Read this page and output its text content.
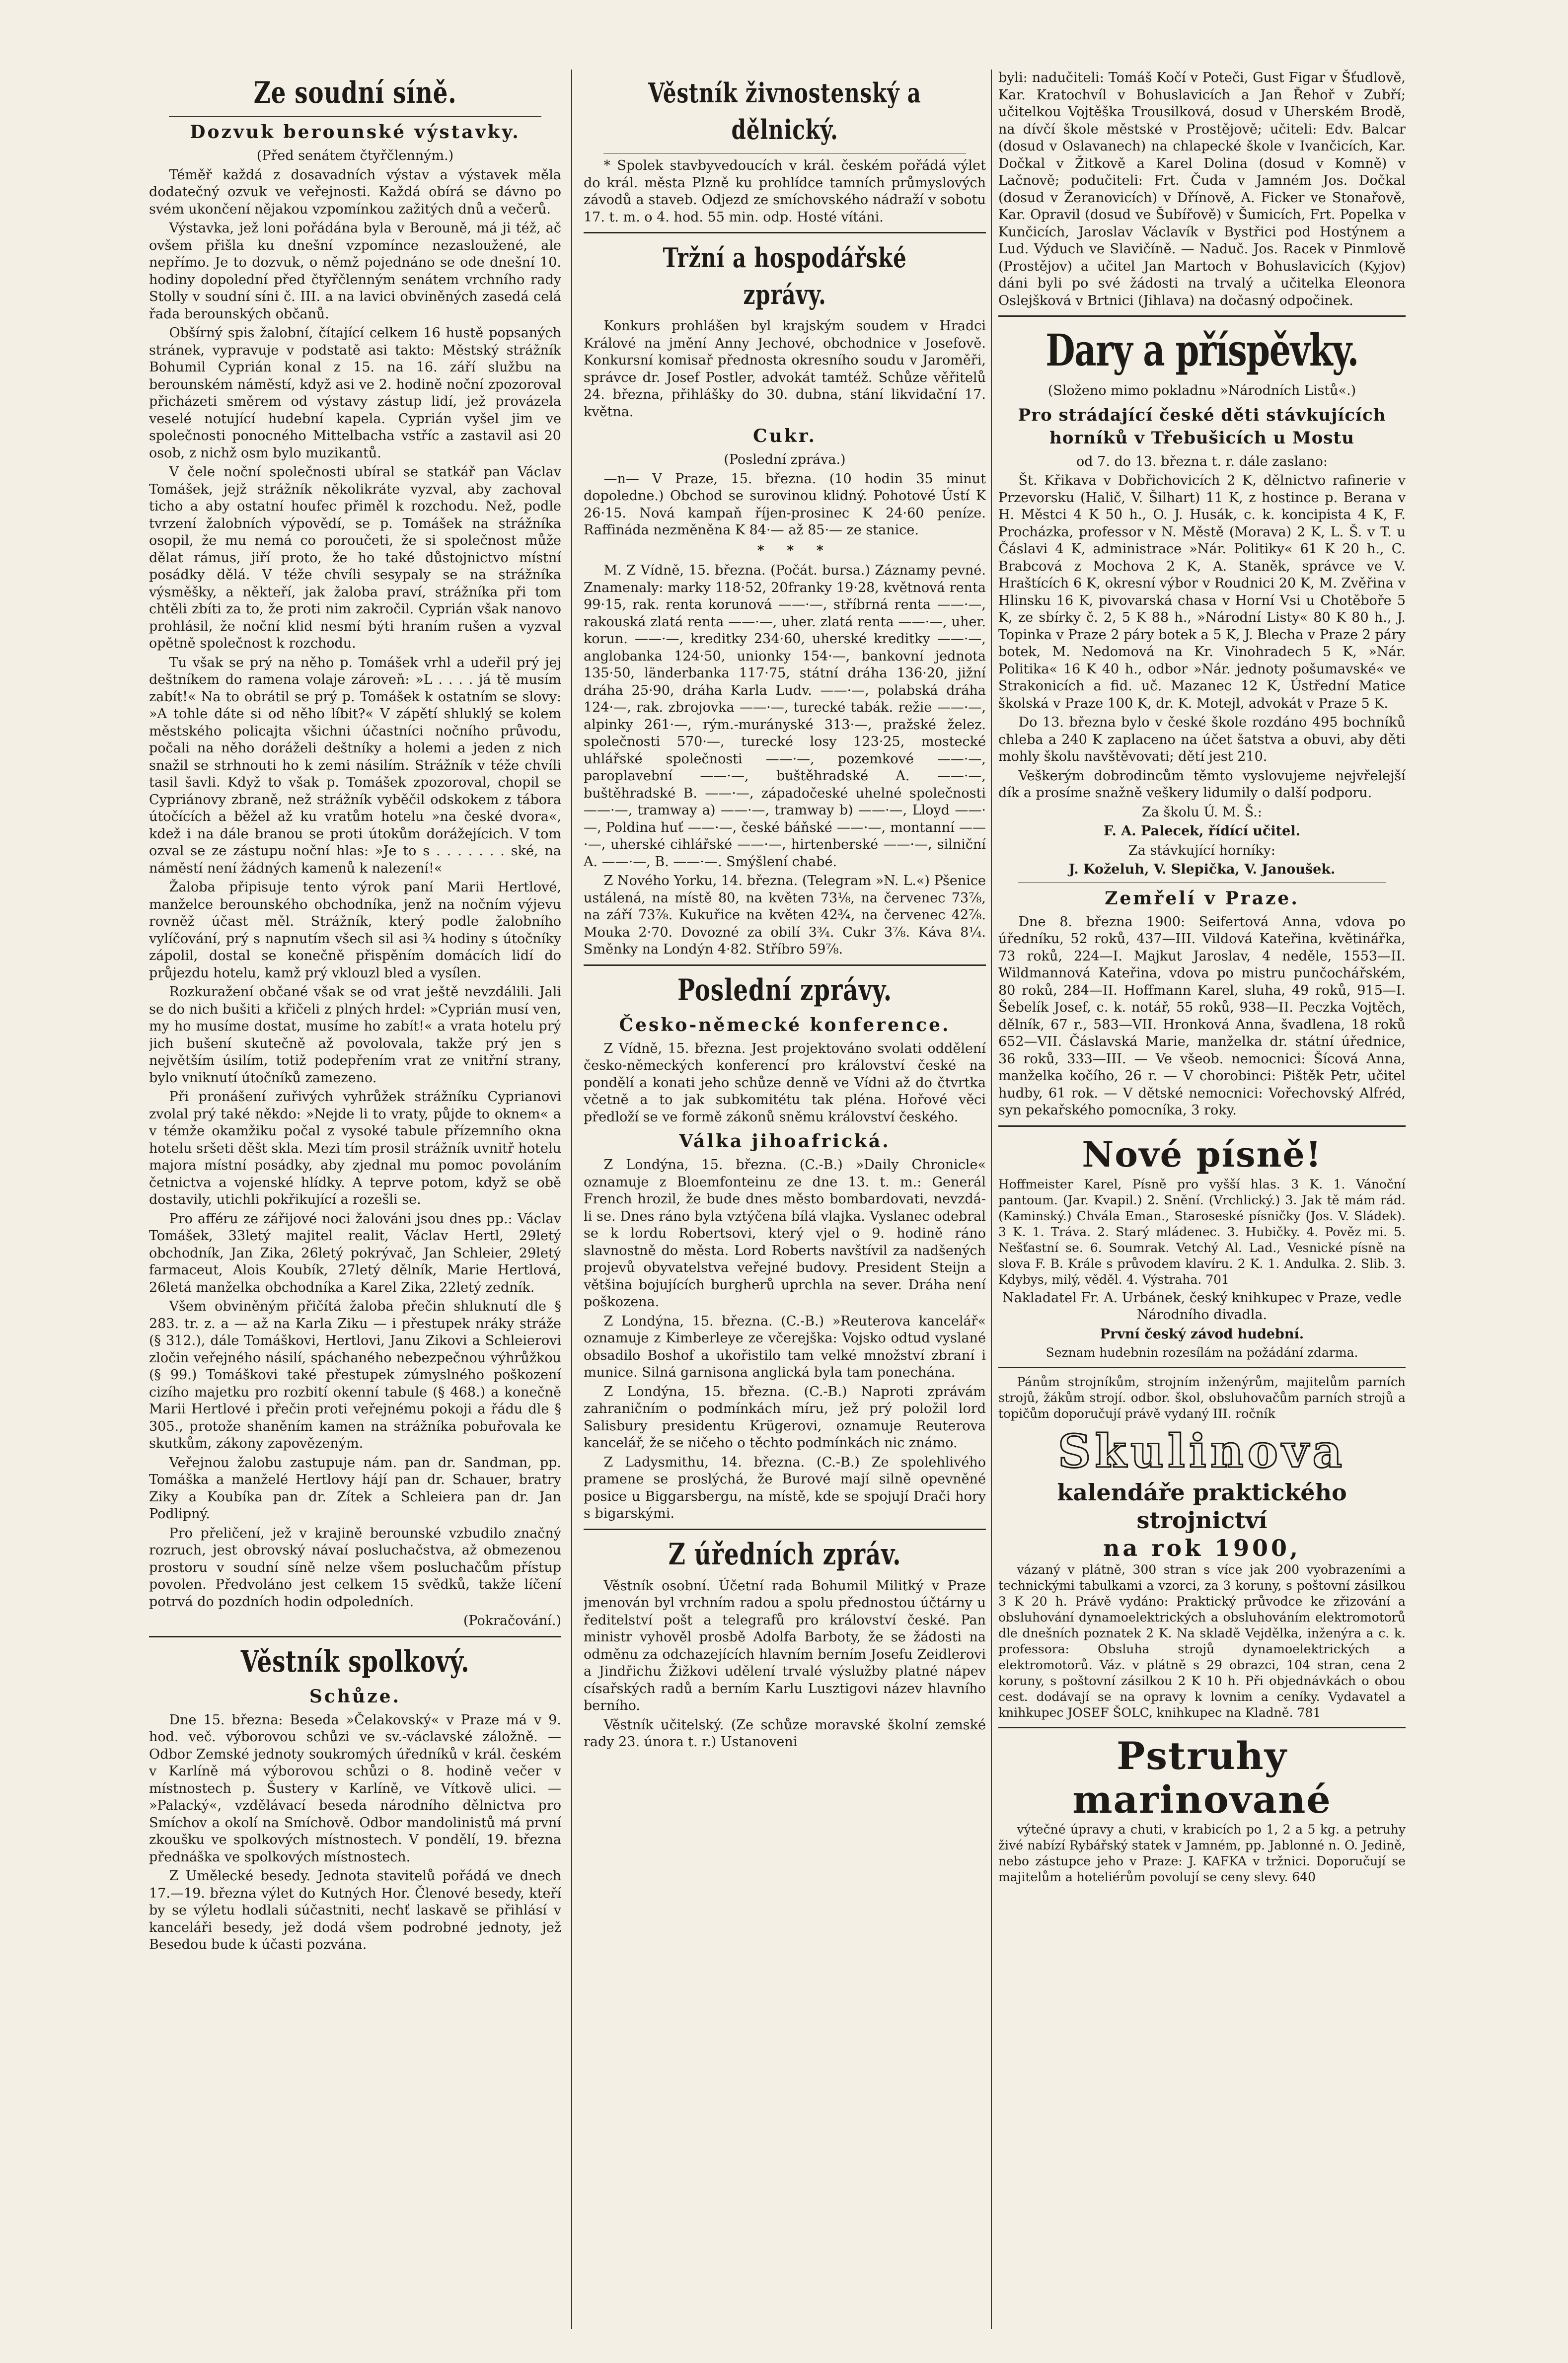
Ze soudní síně.
Dozvuk berounské výstavky.

(Před senátem čtyřčlenným.)

Téměř každá z dosavadních výstav a výstavek měla dodatečný ozvuk ve veřejnosti. Každá obírá se dávno po svém ukončení nějakou vzpomínkou zažitých dnů a večerů.

Výstavka, jež loni pořádána byla v Berouně, má ji též, ač ovšem přišla ku dnešní vzpomínce nezasloužené, ale nepřímo. Je to dozvuk, o němž pojednáno se ode dnešní 10. hodiny dopolední před čtyřčlenným senátem vrchního rady Stolly v soudní síni č. III. a na lavici obviněných zasedá celá řada berounských občanů.

Obšírný spis žalobní, čítající celkem 16 hustě popsaných stránek, vypravuje v podstatě asi takto: Městský strážník Bohumil Cyprián konal z 15. na 16. září službu na berounském náměstí, když asi ve 2. hodině noční zpozoroval přicházeti směrem od výstavy zástup lidí, jež provázela veselé notující hudební kapela. Cyprián vyšel jim ve společnosti ponocného Mittelbacha vstříc a zastavil asi 20 osob, z nichž osm bylo muzikantů.

V čele noční společnosti ubíral se statkář pan Václav Tomášek, jejž strážník několikráte vyzval, aby zachoval ticho a aby ostatní houfec přiměl k rozchodu. Než, podle tvrzení žalobních výpovědí, se p. Tomášek na strážníka osopil, že mu nemá co poroučeti, že si společnost může dělat rámus, jiří proto, že ho také důstojnictvo místní posádky dělá. V téže chvíli sesypaly se na strážníka výsměšky, a někteří, jak žaloba praví, strážníka při tom chtěli zbíti za to, že proti nim zakročil. Cyprián však nanovo prohlásil, že noční klid nesmí býti hraním rušen a vyzval opětně společnost k rozchodu.

Tu však se prý na něho p. Tomášek vrhl a udeřil prý jej deštníkem do ramena volaje zároveň: »L . . . . já tě musím zabít!« Na to obrátil se prý p. Tomášek k ostatním se slovy: »A tohle dáte si od něho líbit?« V zápětí shluklý se kolem městského policajta všichni účastníci nočního průvodu, počali na něho doráželi deštníky a holemi a jeden z nich snažil se strhnouti ho k zemi násilím. Strážník v téže chvíli tasil šavli. Když to však p. Tomášek zpozoroval, chopil se Cypriánovy zbraně, než strážník vyběčil odskokem z tábora útočících a běžel až ku vratům hotelu »na české dvora«, kdež i na dále branou se proti útokům dorážejícich. V tom ozval se ze zástupu noční hlas: »Je to s . . . . . . . ské, na náměstí není žádných kamenů k nalezení!«

Žaloba připisuje tento výrok paní Marii Hertlové, manželce berounského obchodníka, jenž na nočním výjevu rovněž účast měl. Strážník, který podle žalobního vylíčování, prý s napnutím všech sil asi ¾ hodiny s útočníky zápolil, dostal se konečně přispěním domácích lidí do průjezdu hotelu, kamž prý vklouzl bled a vysílen.

Rozkuražení občané však se od vrat ještě nevzdálili. Jali se do nich bušiti a křičeli z plných hrdel: »Cyprián musí ven, my ho musíme dostat, musíme ho zabít!« a vrata hotelu prý jich bušení skutečně až povolovala, takže prý jen s největším úsilím, totiž podepřením vrat ze vnitřní strany, bylo vniknutí útočníků zamezeno.

Při pronášení zuřivých vyhrůžek strážníku Cyprianovi zvolal prý také někdo: »Nejde li to vraty, půjde to oknem« a v témže okamžiku počal z vysoké tabule přízemního okna hotelu sršeti děšt skla. Mezi tím prosil strážník uvnitř hotelu majora místní posádky, aby zjednal mu pomoc povoláním četnictva a vojenské hlídky. A teprve potom, když se obě dostavily, utichli pokřikující a rozešli se.

Pro afféru ze zářijové noci žalováni jsou dnes pp.: Václav Tomášek, 33letý majitel realit, Václav Hertl, 29letý obchodník, Jan Zika, 26letý pokrývač, Jan Schleier, 29letý farmaceut, Alois Koubík, 27letý dělník, Marie Hertlová, 26letá manželka obchodníka a Karel Zika, 22letý zedník.

Všem obviněným přičítá žaloba přečin shluknutí dle § 283. tr. z. a — až na Karla Ziku — i přestupek nráky stráže (§ 312.), dále Tomáškovi, Hertlovi, Janu Zikovi a Schleierovi zločin veřejného násilí, spáchaného nebezpečnou výhrůžkou (§ 99.) Tomáškovi také přestupek zúmyslného poškození cizího majetku pro rozbití okenní tabule (§ 468.) a konečně Marii Hertlové i přečin proti veřejnému pokoji a řádu dle § 305., protože shaněním kamen na strážníka pobuřovala ke skutkům, zákony zapovězeným.

Veřejnou žalobu zastupuje nám. pan dr. Sandman, pp. Tomáška a manželé Hertlovy hájí pan dr. Schauer, bratry Ziky a Koubíka pan dr. Zítek a Schleiera pan dr. Jan Podlipný.

Pro přeličení, jež v krajině berounské vzbudilo značný rozruch, jest obrovský návaí posluchačstva, až obmezenou prostoru v soudní síně nelze všem posluchačům přístup povolen. Předvoláno jest celkem 15 svědků, takže líčení potrvá do pozdních hodin odpoledních.

(Pokračování.)

Věstník spolkový.
Schůze.

Dne 15. března: Beseda »Čelakovský« v Praze má v 9. hod. več. výborovou schůzi ve sv.-václavské záložně. — Odbor Zemské jednoty soukromých úředníků v král. českém v Karlíně má výborovou schůzi o 8. hodině večer v místnostech p. Šustery v Karlíně, ve Vítkově ulici. — »Palacký«, vzdělávací beseda národního dělnictva pro Smíchov a okolí na Smíchově. Odbor mandolinistů má první zkoušku ve spolkových místnostech. V pondělí, 19. března přednáška ve spolkových místnostech.

Z Umělecké besedy. Jednota stavitelů pořádá ve dnech 17.—19. března výlet do Kutných Hor. Členové besedy, kteří by se výletu hodlali súčastniti, nechť laskavě se přihlásí v kanceláři besedy, jež dodá všem podrobné jednoty, jež Besedou bude k účasti pozvána.

Věstník živnostenský a dělnický.

* Spolek stavbyvedoucích v král. českém pořádá výlet do král. města Plzně ku prohlídce tamních průmyslových závodů a staveb. Odjezd ze smíchovského nádraží v sobotu 17. t. m. o 4. hod. 55 min. odp. Hosté vítáni.

Tržní a hospodářské zprávy.

Konkurs prohlášen byl krajským soudem v Hradci Králové na jmění Anny Jechové, obchodnice v Josefově. Konkursní komisař přednosta okresního soudu v Jaroměři, správce dr. Josef Postler, advokát tamtéž. Schůze věřitelů 24. března, přihlášky do 30. dubna, stání likvidační 17. května.

Cukr.

(Poslední zpráva.)

—n— V Praze, 15. března. (10 hodin 35 minut dopoledne.) Obchod se surovinou klidný. Pohotové Ústí K 26·15. Nová kampaň říjen-prosinec K 24·60 peníze. Raffináda nezměněna K 84·— až 85·— ze stanice.

* * *

M. Z Vídně, 15. března. (Počát. bursa.) Záznamy pevné. Znamenaly: marky 118·52, 20franky 19·28, květnová renta 99·15, rak. renta korunová ——·—, stříbrná renta ——·—, rakouská zlatá renta ——·—, uher. zlatá renta ——·—, uher. korun. ——·—, kreditky 234·60, uherské kreditky ——·—, anglobanka 124·50, unionky 154·—, bankovní jednota 135·50, länderbanka 117·75, státní dráha 136·20, jižní dráha 25·90, dráha Karla Ludv. ——·—, polabská dráha 124·—, rak. zbrojovka ——·—, turecké tabák. režie ——·—, alpinky 261·—, rým.-murányské 313·—, pražské želez. společnosti 570·—, turecké losy 123·25, mostecké uhlářské společnosti ——·—, pozemkové ——·—, paroplavební ——·—, buštěhradské A. ——·—, buštěhradské B. ——·—, západočeské uhelné společnosti ——·—, tramway a) ——·—, tramway b) ——·—, Lloyd ——·—, Poldina huť ——·—, české báňské ——·—, montanní ——·—, uherské cihlářské ——·—, hirtenberské ——·—, silniční A. ——·—, B. ——·—. Smýšlení chabé.

Z Nového Yorku, 14. března. (Telegram »N. L.«) Pšenice ustálená, na místě 80, na květen 73⅛, na červenec 73⅞, na září 73⅞. Kukuřice na květen 42¾, na červenec 42⅞. Mouka 2·70. Dovozné za obilí 3¾. Cukr 3⅞. Káva 8¼. Směnky na Londýn 4·82. Stříbro 59⅞.

Poslední zprávy.
Česko-německé konference.

Z Vídně, 15. března. Jest projektováno svolati oddělení česko-německých konferencí pro království české na pondělí a konati jeho schůze denně ve Vídni až do čtvrtka včetně a to jak subkomitétu tak pléna. Hořové věci předloží se ve formě zákonů sněmu království českého.

Válka jihoafrická.

Z Londýna, 15. března. (C.-B.) »Daily Chronicle« oznamuje z Bloemfonteinu ze dne 13. t. m.: Generál French hrozil, že bude dnes město bombardovati, nevzdá-li se. Dnes ráno byla vztýčena bílá vlajka. Vyslanec odebral se k lordu Robertsovi, který vjel o 9. hodině ráno slavnostně do města. Lord Roberts navštívil za nadšených projevů obyvatelstva veřejné budovy. President Steijn a většina bojujících burgherů uprchla na sever. Dráha není poškozena.

Z Londýna, 15. března. (C.-B.) »Reuterova kancelář« oznamuje z Kimberleye ze včerejška: Vojsko odtud vyslané obsadilo Boshof a ukořistilo tam velké množství zbraní i munice. Silná garnisona anglická byla tam ponechána.

Z Londýna, 15. března. (C.-B.) Naproti zprávám zahraničním o podmínkách míru, jež prý položil lord Salisbury presidentu Krügerovi, oznamuje Reuterova kancelář, že se ničeho o těchto podmínkách nic známo.

Z Ladysmithu, 14. března. (C.-B.) Ze spolehlivého pramene se proslýchá, že Burové mají silně opevněné posice u Biggarsbergu, na místě, kde se spojují Drači hory s bigarskými.

Z úředních zpráv.

Věstník osobní. Účetní rada Bohumil Militký v Praze jmenován byl vrchním radou a spolu přednostou účtárny u ředitelství pošt a telegrafů pro království české. Pan ministr vyhověl prosbě Adolfa Barboty, že se žádosti na odměnu za odchazejících hlavním berním Josefu Zeidlerovi a Jindřichu Žižkovi udělení trvalé výslužby platné nápev císařských radů a berním Karlu Lusztigovi název hlavního berního.

Věstník učitelský. (Ze schůze moravské školní zemské rady 23. února t. r.) Ustanoveni

byli: nadučiteli: Tomáš Kočí v Poteči, Gust Figar v Šťudlově, Kar. Kratochvíl v Bohuslavicích a Jan Řehoř v Zubří; učitelkou Vojtěška Trousilková, dosud v Uherském Brodě, na dívčí škole městské v Prostějově; učiteli: Edv. Balcar (dosud v Oslavanech) na chlapecké škole v Ivančicích, Kar. Dočkal v Žitkově a Karel Dolina (dosud v Komně) v Lačnově; podučiteli: Frt. Čuda v Jamném Jos. Dočkal (dosud v Žeranovicích) v Dřínově, A. Ficker ve Stonařově, Kar. Opravil (dosud ve Šubířově) v Šumicích, Frt. Popelka v Kunčicích, Jaroslav Václavík v Bystřici pod Hostýnem a Lud. Výduch ve Slavičíně. — Naduč. Jos. Racek v Pinmlově (Prostějov) a učitel Jan Martoch v Bohuslavicích (Kyjov) dáni byli po své žádosti na trvalý a učitelka Eleonora Oslejšková v Brtnici (Jihlava) na dočasný odpočinek.

Dary a příspěvky.

(Složeno mimo pokladnu »Národních Listů«.)

Pro strádající české děti stávkujících horníků v Třebušicích u Mostu

od 7. do 13. března t. r. dále zaslano:

Št. Křikava v Dobřichovicích 2 K, dělnictvo rafinerie v Przevorsku (Halič, V. Šilhart) 11 K, z hostince p. Berana v H. Městci 4 K 50 h., O. J. Husák, c. k. koncipista 4 K, F. Procházka, professor v N. Městě (Morava) 2 K, L. Š. v T. u Čáslavi 4 K, administrace »Nár. Politiky« 61 K 20 h., C. Brabcová z Mochova 2 K, A. Staněk, správce ve V. Hraštících 6 K, okresní výbor v Roudnici 20 K, M. Zvěřina v Hlinsku 16 K, pivovarská chasa v Horní Vsi u Chotěboře 5 K, ze sbírky č. 2, 5 K 88 h., »Národní Listy« 80 K 80 h., J. Topinka v Praze 2 páry botek a 5 K, J. Blecha v Praze 2 páry botek, M. Nedomová na Kr. Vinohradech 5 K, »Nár. Politika« 16 K 40 h., odbor »Nár. jednoty pošumavské« ve Strakonicích a fid. uč. Mazanec 12 K, Ústřední Matice školská v Praze 100 K, dr. K. Motejl, advokát v Praze 5 K.

Do 13. března bylo v české škole rozdáno 495 bochníků chleba a 240 K zaplaceno na účet šatstva a obuvi, aby děti mohly školu navštěvovati; dětí jest 210.

Veškerým dobrodincům těmto vyslovujeme nejvřelejší dík a prosíme snažně veškery lidumily o další podporu.

Za školu Ú. M. Š.:

F. A. Palecek, řídící učitel.

Za stávkující horníky:

J. Koželuh, V. Slepička, V. Janoušek.

Zemřelí v Praze.

Dne 8. března 1900: Seifertová Anna, vdova po úředníku, 52 roků, 437—III. Vildová Kateřina, květinářka, 73 roků, 224—I. Majkut Jaroslav, 4 neděle, 1553—II. Wildmannová Kateřina, vdova po mistru punčochářském, 80 roků, 284—II. Hoffmann Karel, sluha, 49 roků, 915—I. Šebelík Josef, c. k. notář, 55 roků, 938—II. Peczka Vojtěch, dělník, 67 r., 583—VII. Hronková Anna, švadlena, 18 roků 652—VII. Čáslavská Marie, manželka dr. státní úřednice, 36 roků, 333—III. — Ve všeob. nemocnici: Šícová Anna, manželka kočího, 26 r. — V chorobinci: Pištěk Petr, učitel hudby, 61 rok. — V dětské nemocnici: Vořechovský Alfréd, syn pekařského pomocníka, 3 roky.

Nové písně!

Hoffmeister Karel, Písně pro vyšší hlas. 3 K. 1. Vánoční pantoum. (Jar. Kvapil.) 2. Snění. (Vrchlický.) 3. Jak tě mám rád. (Kaminský.) Chvála Eman., Staroseské písničky (Jos. V. Sládek). 3 K. 1. Tráva. 2. Starý mládenec. 3. Hubičky. 4. Pověz mi. 5. Nešťastní se. 6. Soumrak. Vetchý Al. Lad., Vesnické písně na slova F. B. Krále s průvodem klavíru. 2 K. 1. Andulka. 2. Slib. 3. Kdybys, milý, věděl. 4. Výstraha. 701

Nakladatel Fr. A. Urbánek, český knihkupec v Praze, vedle Národního divadla.

První český závod hudební.

Seznam hudebnin rozesílám na požádání zdarma.

Pánům strojníkům, strojním inženýrům, majitelům parních strojů, žákům strojí. odbor. škol, obsluhovačům parních strojů a topičům doporučují právě vydaný III. ročník

Skulinova
kalendáře praktického strojnictví
na rok 1900,

vázaný v plátně, 300 stran s více jak 200 vyobrazeními a technickými tabulkami a vzorci, za 3 koruny, s poštovní zásilkou 3 K 20 h. Právě vydáno: Praktický průvodce ke zřizování a obsluhování dynamoelektrických a obsluhováním elektromotorů dle dnešních poznatek 2 K. Na skladě Vejdělka, inženýra a c. k. professora: Obsluha strojů dynamoelektrických a elektromotorů. Váz. v plátně s 29 obrazci, 104 stran, cena 2 koruny, s poštovní zásilkou 2 K 10 h. Při objednávkách o obou cest. dodávají se na opravy k lovnim a ceníky. Vydavatel a knihkupec JOSEF ŠOLC, knihkupec na Kladně. 781

Pstruhy marinované

výtečné úpravy a chuti, v krabicích po 1, 2 a 5 kg. a petruhy živé nabízí Rybářský statek v Jamném, pp. Jablonné n. O. Jedině, nebo zástupce jeho v Praze: J. KAFKA v tržnici. Doporučují se majitelům a hoteliérům povolují se ceny slevy. 640
